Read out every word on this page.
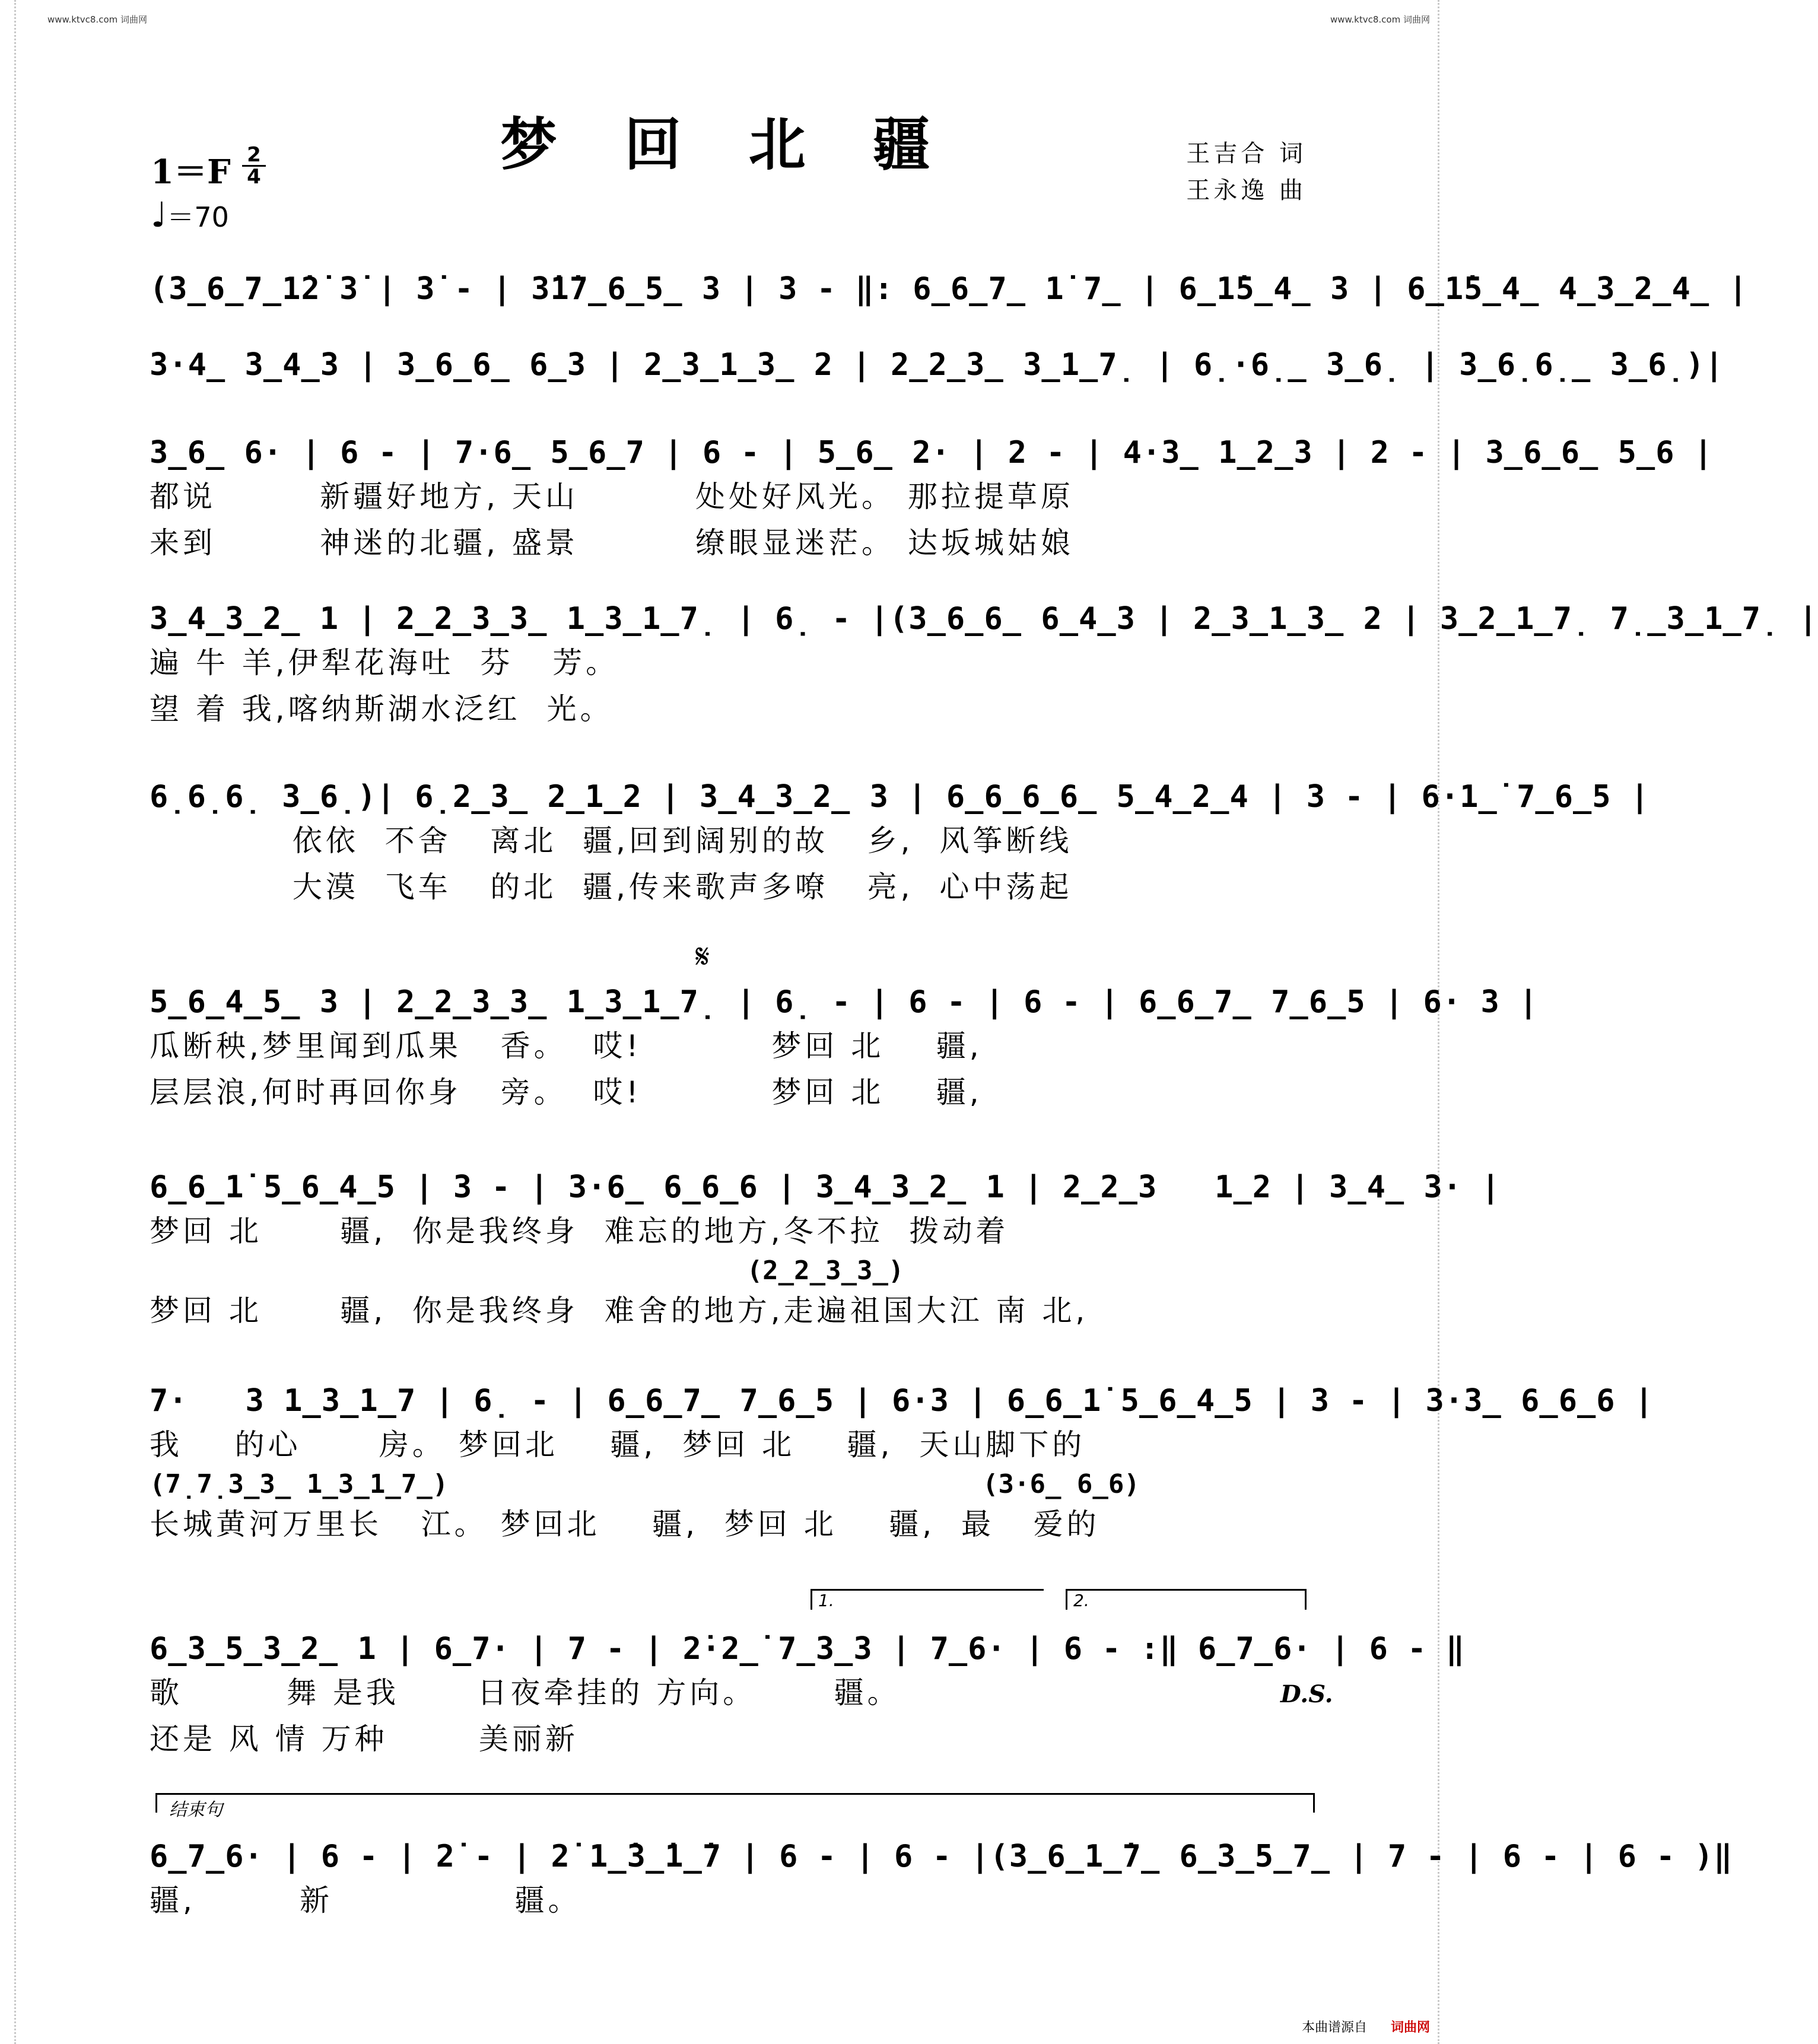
www.ktvc8.com 词曲网	www.ktvc8.com 词曲网
梦 回 北 疆
1＝F 2
4
♩＝70
王吉合 词
王永逸 曲
(3̲6̲7̲1̇2̇ 3̇ | 3̇ - | 3̇1̇7̲6̲5̲ 3 | 3 - ‖: 6̲6̲7̲ 1̇ 7̲ | 6̲1̇5̲4̲ 3 | 6̲1̇5̲4̲ 4̲3̲2̲4̲ |
3·4̲ 3̲4̲3 | 3̲6̲6̲ 6̲3 | 2̲3̲1̲3̲ 2 | 2̲2̲3̲ 3̲1̲7̣ | 6̣·6̣̲ 3̲6̣ | 3̲6̣6̣̲ 3̲6̣)|
3̲6̲ 6· | 6 - | 7·6̲ 5̲6̲7 | 6 - | 5̲6̲ 2· | 2 - | 4·3̲ 1̲2̲3 | 2 - | 3̲6̲6̲ 5̲6 |
都说        新疆好地方, 天山         处处好风光。 那拉提草原
来到        神迷的北疆, 盛景         缭眼显迷茫。 达坂城姑娘
3̲4̲3̲2̲ 1 | 2̲2̲3̲3̲ 1̲3̲1̲7̣ | 6̣ - |(3̲6̲6̲ 6̲4̲3 | 2̲3̲1̲3̲ 2 | 3̲2̲1̲7̣ 7̣̲3̲1̲7̣ |
遍 牛 羊,伊犁花海吐  芬   芳。
望 着 我,喀纳斯湖水泛红  光。
6̣6̣6̣ 3̲6̣)| 6̣2̲3̲ 2̲1̲2 | 3̲4̲3̲2̲ 3 | 6̲6̲6̲6̲ 5̲4̲2̲4 | 3 - | 6·1̲̇ 7̲6̲5 |
依依  不舍   离北  疆,回到阔别的故   乡,  风筝断线
大漠  飞车   的北  疆,传来歌声多嘹   亮,  心中荡起
𝄋
5̲6̲4̲5̲ 3 | 2̲2̲3̲3̲ 1̲3̲1̲7̣ | 6̣ - | 6 - | 6 - | 6̲6̲7̲ 7̲6̲5 | 6· 3 |
瓜断秧,梦里闻到瓜果   香。  哎!          梦回 北    疆,
层层浪,何时再回你身   旁。  哎!          梦回 北    疆,
6̲6̲1̇ 5̲6̲4̲5 | 3 - | 3·6̲ 6̲6̲6 | 3̲4̲3̲2̲ 1 | 2̲2̲3   1̲2 | 3̲4̲ 3· |
梦回 北      疆,  你是我终身  难忘的地方,冬不拉  拨动着
(2̲2̲3̲3̲)
梦回 北      疆,  你是我终身  难舍的地方,走遍祖国大江 南 北,
7·   3 1̲3̲1̲7 | 6̣ - | 6̲6̲7̲ 7̲6̲5 | 6·3 | 6̲6̲1̇ 5̲6̲4̲5 | 3 - | 3·3̲ 6̲6̲6 |
我    的心      房。 梦回北    疆,  梦回 北    疆,  天山脚下的
(7̣7̣3̲3̲ 1̲3̲1̲7̲)                                  (3·6̲ 6̲6)
长城黄河万里长   江。 梦回北    疆,  梦回 北    疆,  最   爱的
1.	2.
6̲3̲5̲3̲2̲ 1 | 6̲7· | 7 - | 2̇·2̲̇ 7̲3̲3 | 7̲6· | 6 - :‖ 6̲7̲6· | 6 - ‖
歌        舞 是我      日夜牵挂的 方向。      疆。
还是 风 情 万种       美丽新
D.S.
结束句
6̲7̲6· | 6 - | 2̇ - | 2̇ 1̲̇3̲̇1̲̇7 | 6 - | 6 - |(3̲6̲1̲̇7̲ 6̲3̲5̲7̲ | 7 - | 6 - | 6 - )‖
疆,        新              疆。
本曲谱源自 词曲网
